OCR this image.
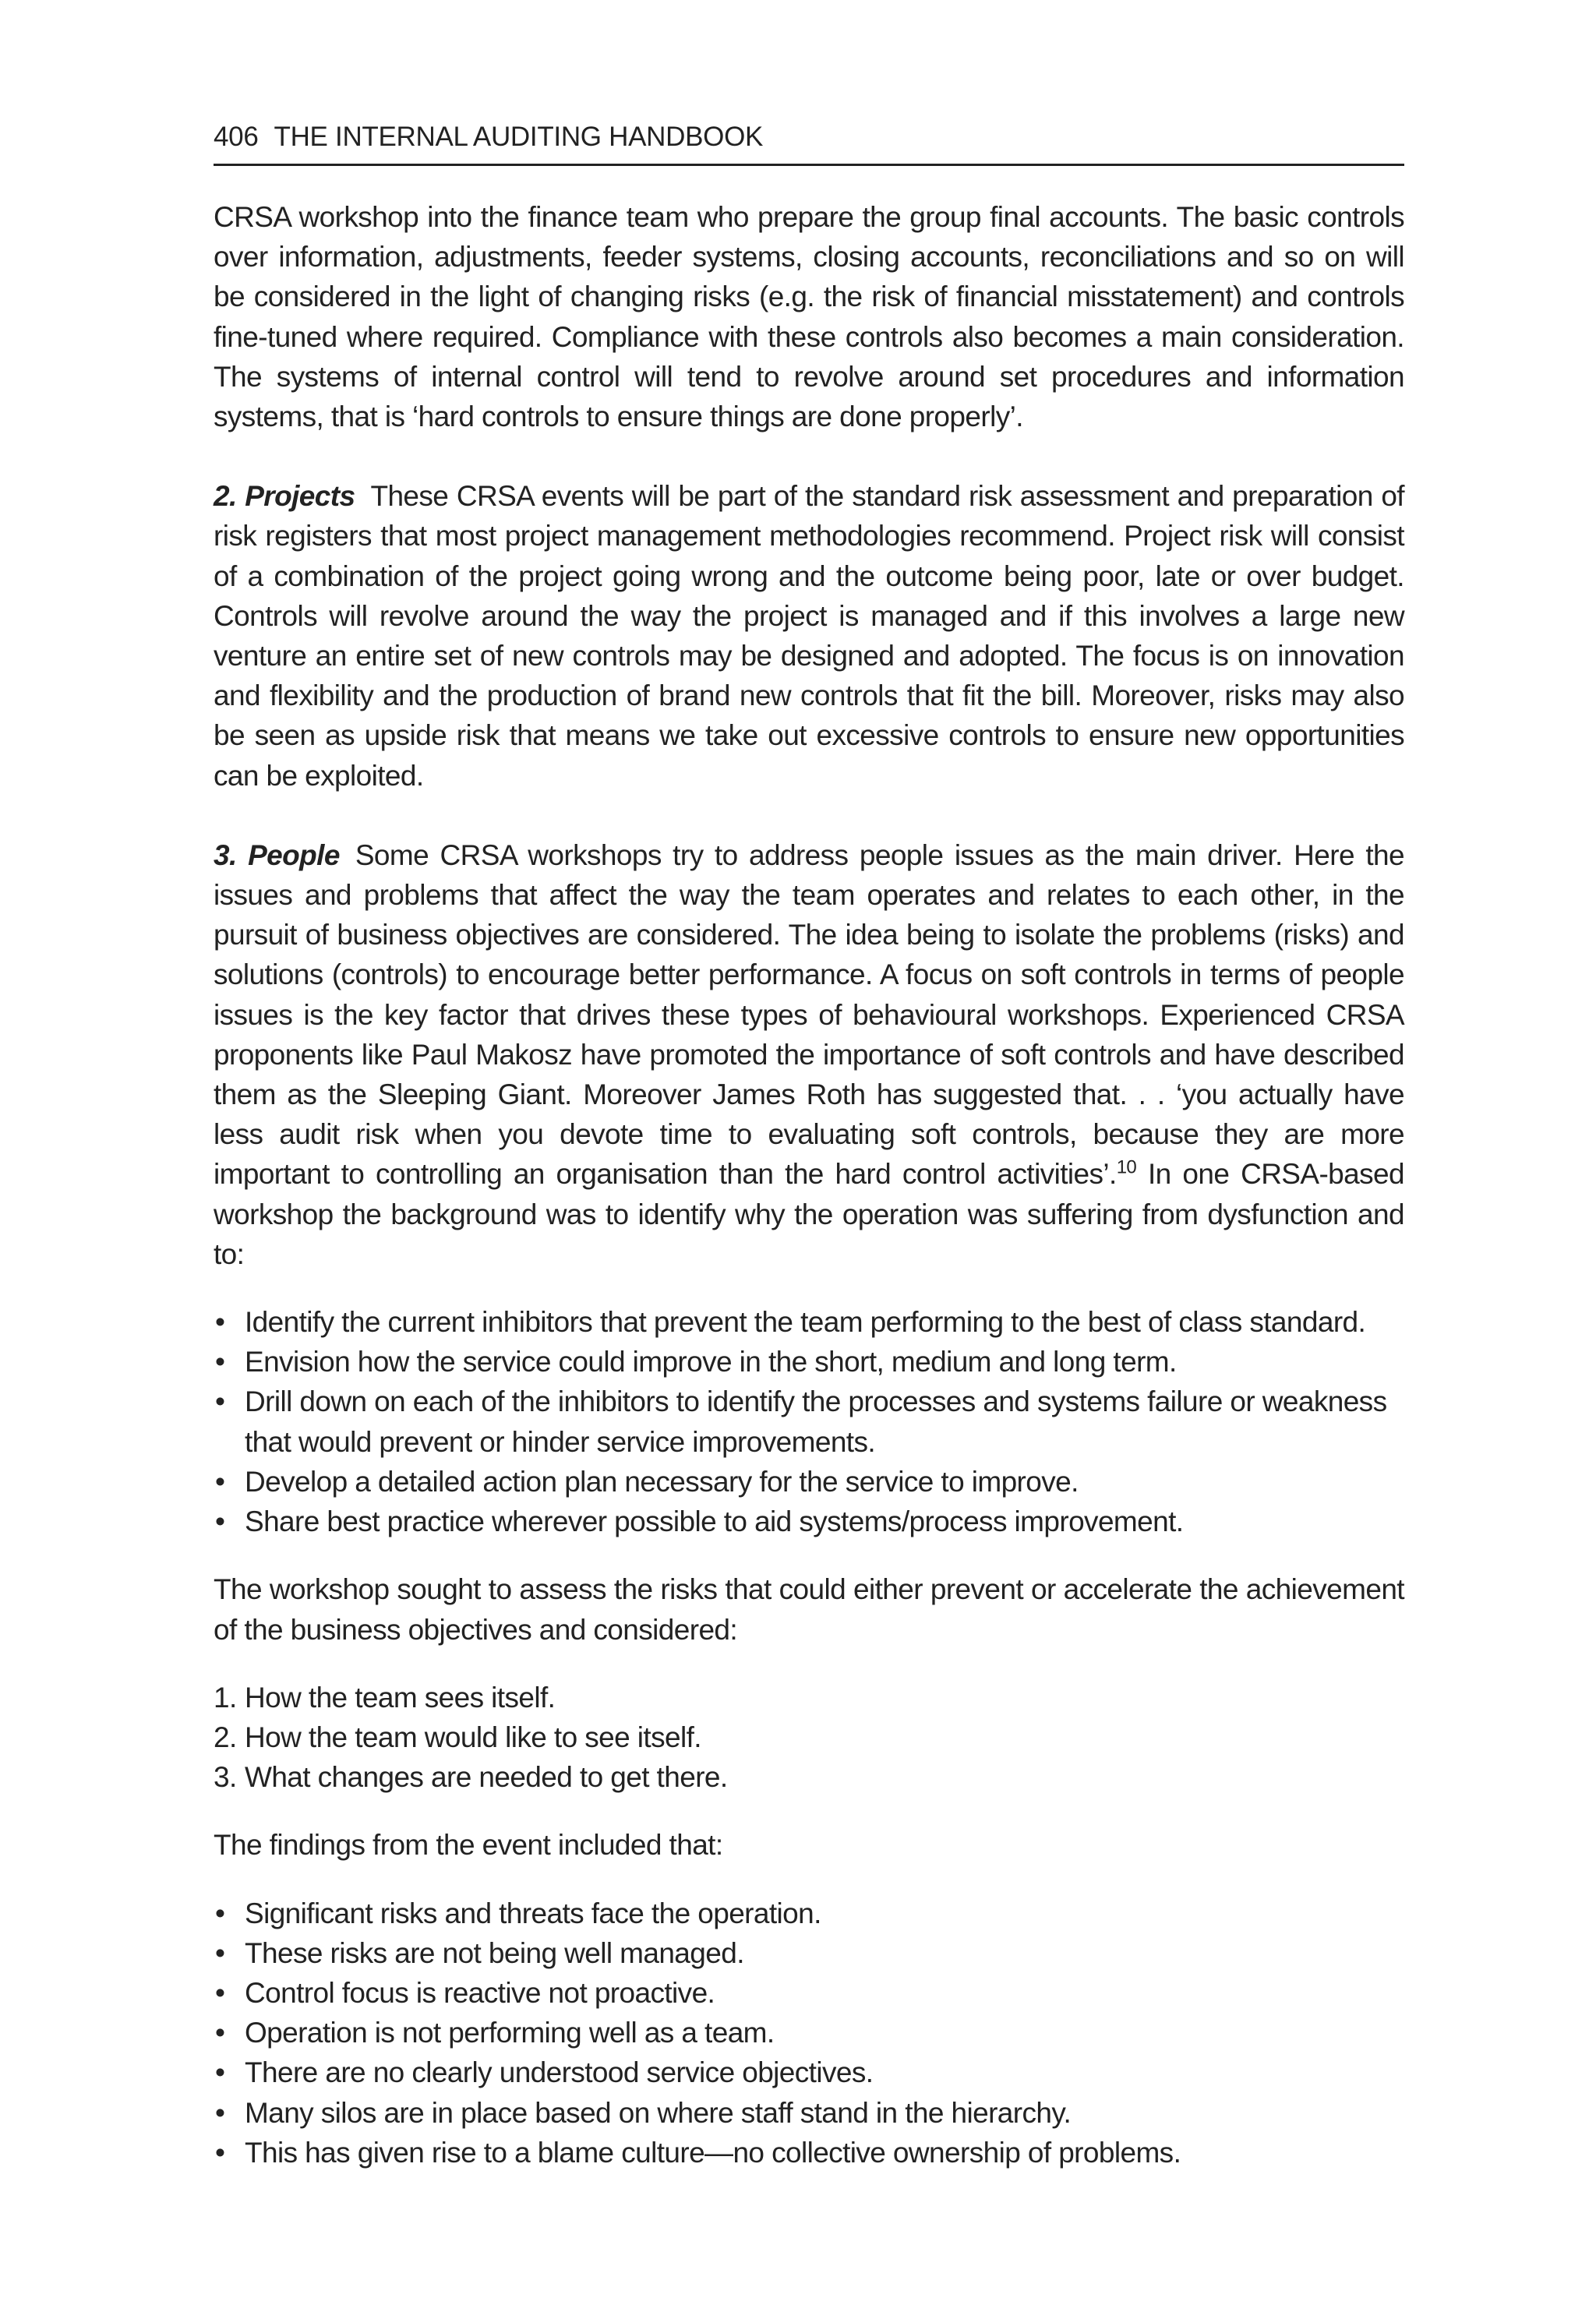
406 THE INTERNAL AUDITING HANDBOOK

CRSA workshop into the finance team who prepare the group final accounts. The basic controls over information, adjustments, feeder systems, closing accounts, reconciliations and so on will be considered in the light of changing risks (e.g. the risk of financial misstatement) and controls fine-tuned where required. Compliance with these controls also becomes a main consideration. The systems of internal control will tend to revolve around set procedures and information systems, that is ‘hard controls to ensure things are done properly’.

2. Projects These CRSA events will be part of the standard risk assessment and preparation of risk registers that most project management methodologies recommend. Project risk will consist of a combination of the project going wrong and the outcome being poor, late or over budget. Controls will revolve around the way the project is managed and if this involves a large new venture an entire set of new controls may be designed and adopted. The focus is on innovation and flexibility and the production of brand new controls that fit the bill. Moreover, risks may also be seen as upside risk that means we take out excessive controls to ensure new opportunities can be exploited.

3. People Some CRSA workshops try to address people issues as the main driver. Here the issues and problems that affect the way the team operates and relates to each other, in the pursuit of business objectives are considered. The idea being to isolate the problems (risks) and solutions (controls) to encourage better performance. A focus on soft controls in terms of people issues is the key factor that drives these types of behavioural workshops. Experienced CRSA proponents like Paul Makosz have promoted the importance of soft controls and have described them as the Sleeping Giant. Moreover James Roth has suggested that. . . ‘you actually have less audit risk when you devote time to evaluating soft controls, because they are more important to controlling an organisation than the hard control activities’.$^{10}$ In one CRSA-based workshop the background was to identify why the operation was suffering from dysfunction and to:

• Identify the current inhibitors that prevent the team performing to the best of class standard.
• Envision how the service could improve in the short, medium and long term.
• Drill down on each of the inhibitors to identify the processes and systems failure or weakness that would prevent or hinder service improvements.
• Develop a detailed action plan necessary for the service to improve.
• Share best practice wherever possible to aid systems/process improvement.

The workshop sought to assess the risks that could either prevent or accelerate the achievement of the business objectives and considered:

1. How the team sees itself.
2. How the team would like to see itself.
3. What changes are needed to get there.

The findings from the event included that:

• Significant risks and threats face the operation.
• These risks are not being well managed.
• Control focus is reactive not proactive.
• Operation is not performing well as a team.
• There are no clearly understood service objectives.
• Many silos are in place based on where staff stand in the hierarchy.
• This has given rise to a blame culture—no collective ownership of problems.
